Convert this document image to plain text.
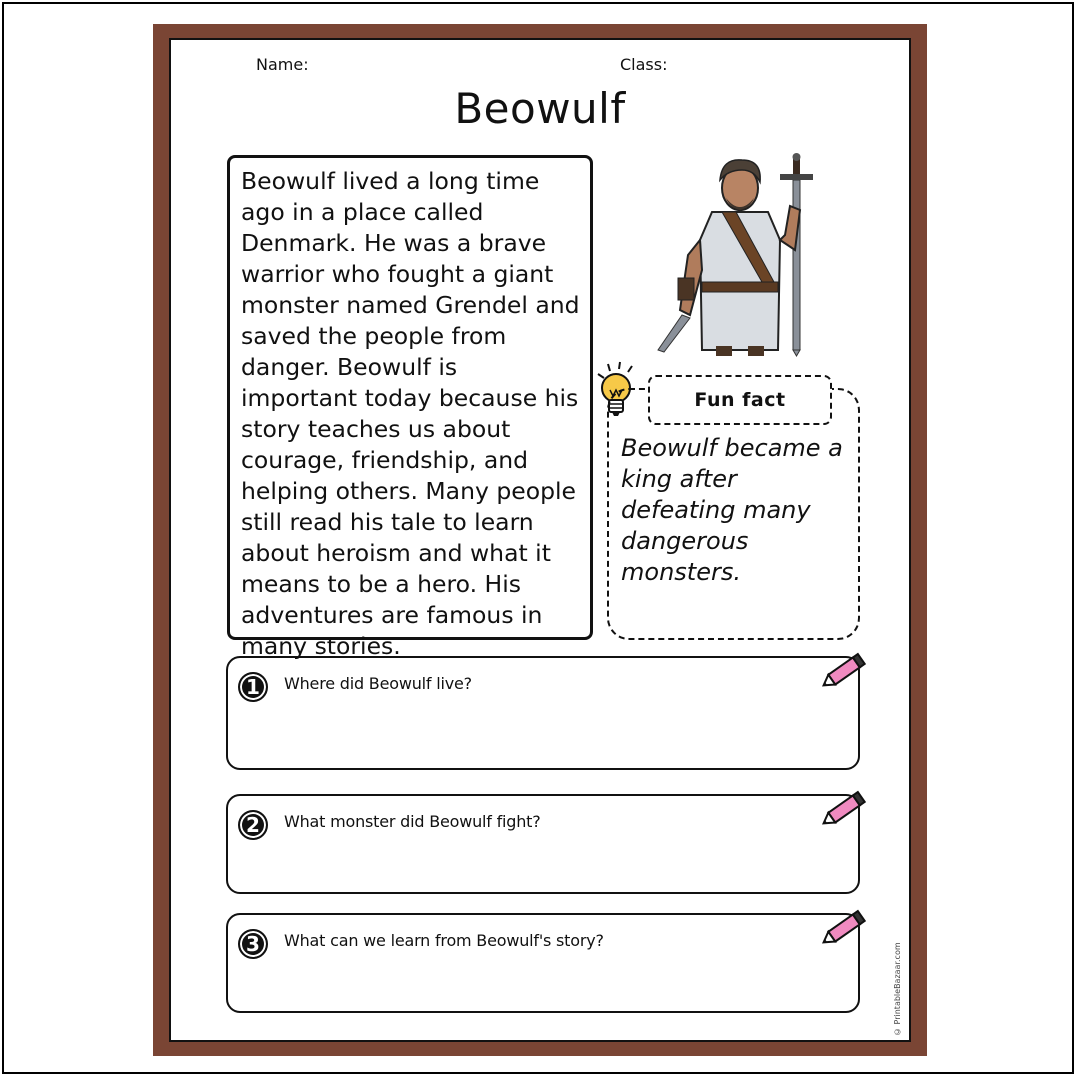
Name:	Class:
Beowulf
Beowulf lived a long time ago in a place called Denmark. He was a brave warrior who fought a giant monster named Grendel and saved the people from danger. Beowulf is important today because his story teaches us about courage, friendship, and helping others. Many people still read his tale to learn about heroism and what it means to be a hero. His adventures are famous in many stories.
Fun fact
Beowulf became a king after defeating many dangerous monsters.
1	Where did Beowulf live?
2	What monster did Beowulf fight?
3	What can we learn from Beowulf's story?
© PrintableBazaar.com
